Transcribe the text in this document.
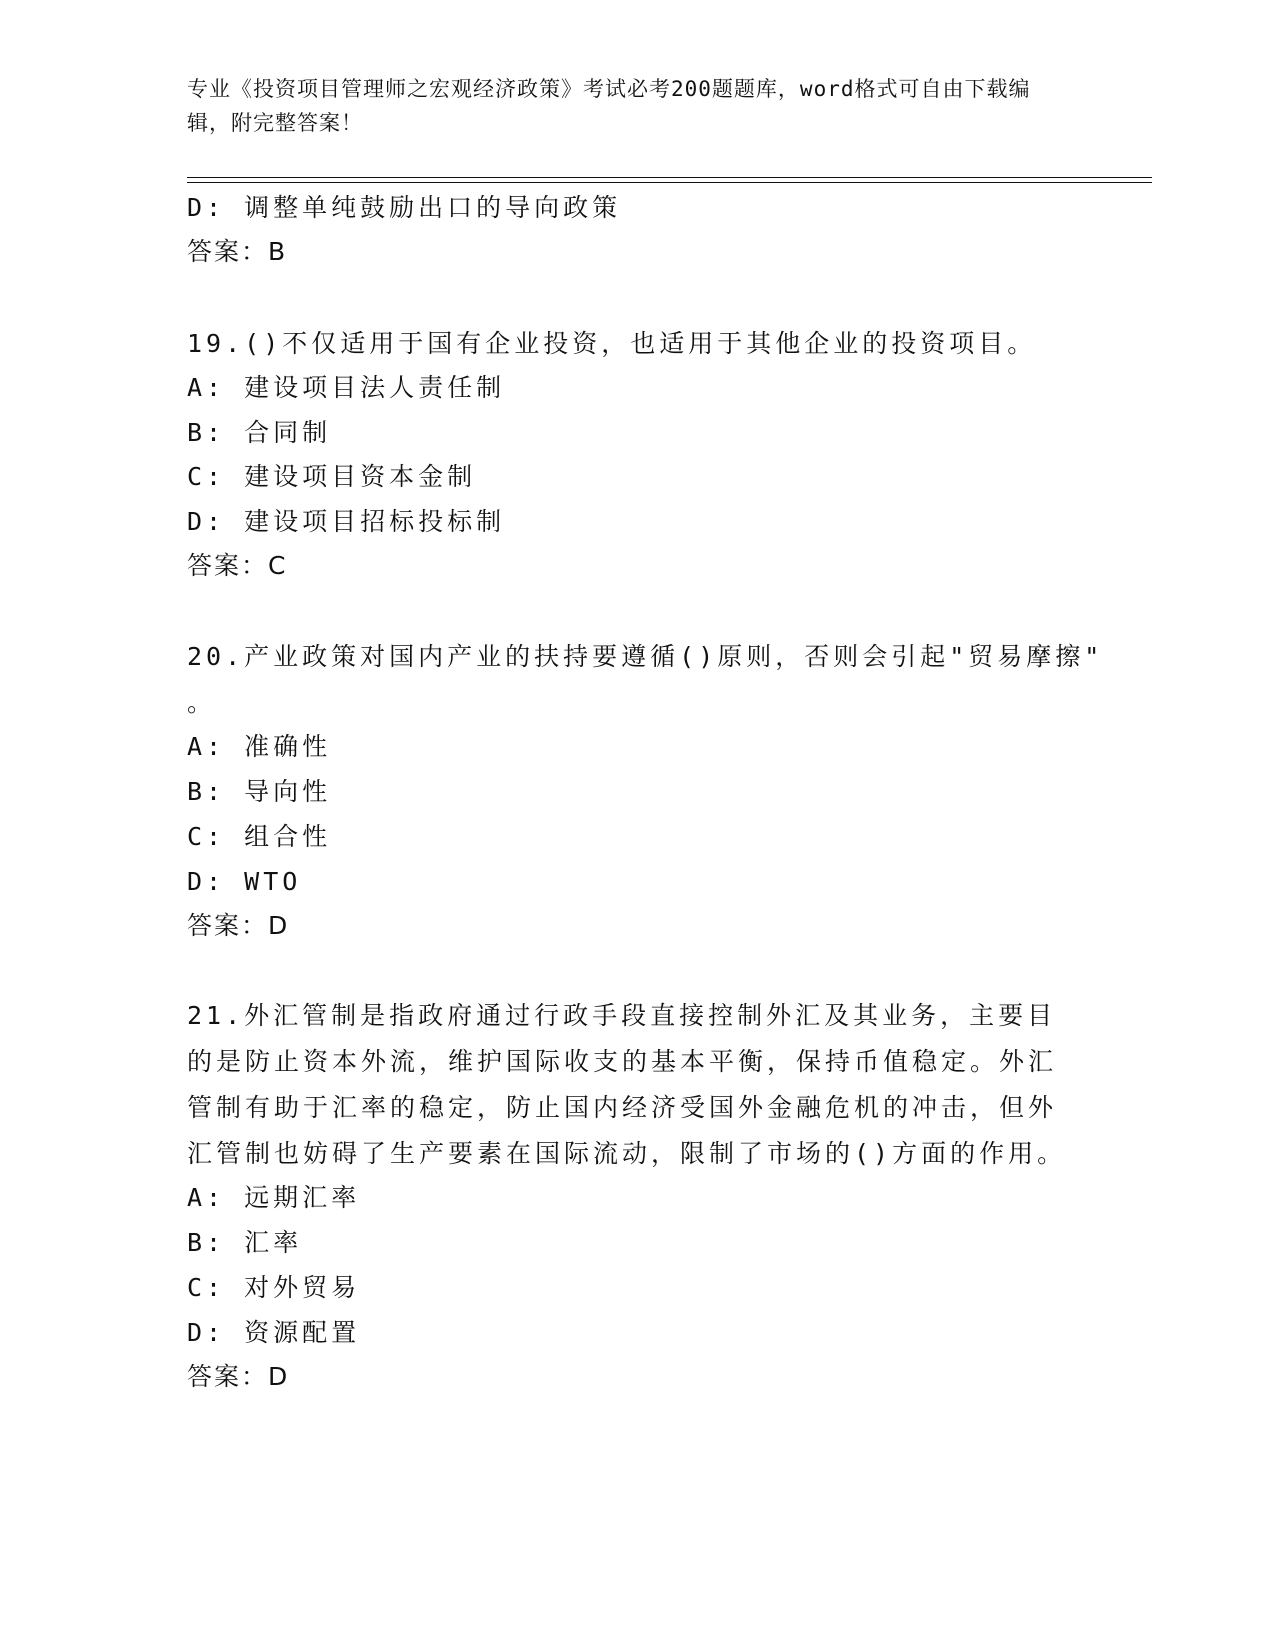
专业《投资项目管理师之宏观经济政策》考试必考200题题库，word格式可自由下载编辑，附完整答案！
D: 调整单纯鼓励出口的导向政策
答案：B
19.()不仅适用于国有企业投资，也适用于其他企业的投资项目。
A: 建设项目法人责任制
B: 合同制
C: 建设项目资本金制
D: 建设项目招标投标制
答案：C
20.产业政策对国内产业的扶持要遵循()原则，否则会引起"贸易摩擦"
。
A: 准确性
B: 导向性
C: 组合性
D: WTO
答案：D
21.外汇管制是指政府通过行政手段直接控制外汇及其业务，主要目的是防止资本外流，维护国际收支的基本平衡，保持币值稳定。外汇管制有助于汇率的稳定，防止国内经济受国外金融危机的冲击，但外汇管制也妨碍了生产要素在国际流动，限制了市场的()方面的作用。
A: 远期汇率
B: 汇率
C: 对外贸易
D: 资源配置
答案：D
